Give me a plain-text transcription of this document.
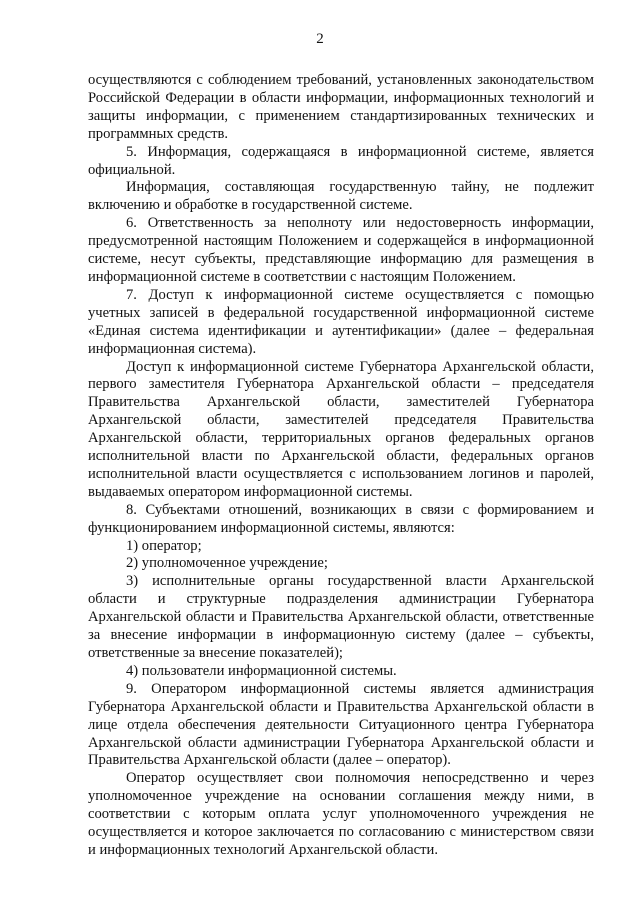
2

осуществляются с соблюдением требований, установленных законодательством Российской Федерации в области информации, информационных технологий и защиты информации, с применением стандартизированных технических и программных средств.

5. Информация, содержащаяся в информационной системе, является официальной.

Информация, составляющая государственную тайну, не подлежит включению и обработке в государственной системе.

6. Ответственность за неполноту или недостоверность информации, предусмотренной настоящим Положением и содержащейся в информационной системе, несут субъекты, представляющие информацию для размещения в информационной системе в соответствии с настоящим Положением.

7. Доступ к информационной системе осуществляется с помощью учетных записей в федеральной государственной информационной системе «Единая система идентификации и аутентификации» (далее – федеральная информационная система).

Доступ к информационной системе Губернатора Архангельской области, первого заместителя Губернатора Архангельской области – председателя Правительства Архангельской области, заместителей Губернатора Архангельской области, заместителей председателя Правительства Архангельской области, территориальных органов федеральных органов исполнительной власти по Архангельской области, федеральных органов исполнительной власти осуществляется с использованием логинов и паролей, выдаваемых оператором информационной системы.

8. Субъектами отношений, возникающих в связи с формированием и функционированием информационной системы, являются:

1) оператор;

2) уполномоченное учреждение;

3) исполнительные органы государственной власти Архангельской области и структурные подразделения администрации Губернатора Архангельской области и Правительства Архангельской области, ответственные за внесение информации в информационную систему (далее – субъекты, ответственные за внесение показателей);

4) пользователи информационной системы.

9. Оператором информационной системы является администрация Губернатора Архангельской области и Правительства Архангельской области в лице отдела обеспечения деятельности Ситуационного центра Губернатора Архангельской области администрации Губернатора Архангельской области и Правительства Архангельской области (далее – оператор).

Оператор осуществляет свои полномочия непосредственно и через уполномоченное учреждение на основании соглашения между ними, в соответствии с которым оплата услуг уполномоченного учреждения не осуществляется и которое заключается по согласованию с министерством связи и информационных технологий Архангельской области.
